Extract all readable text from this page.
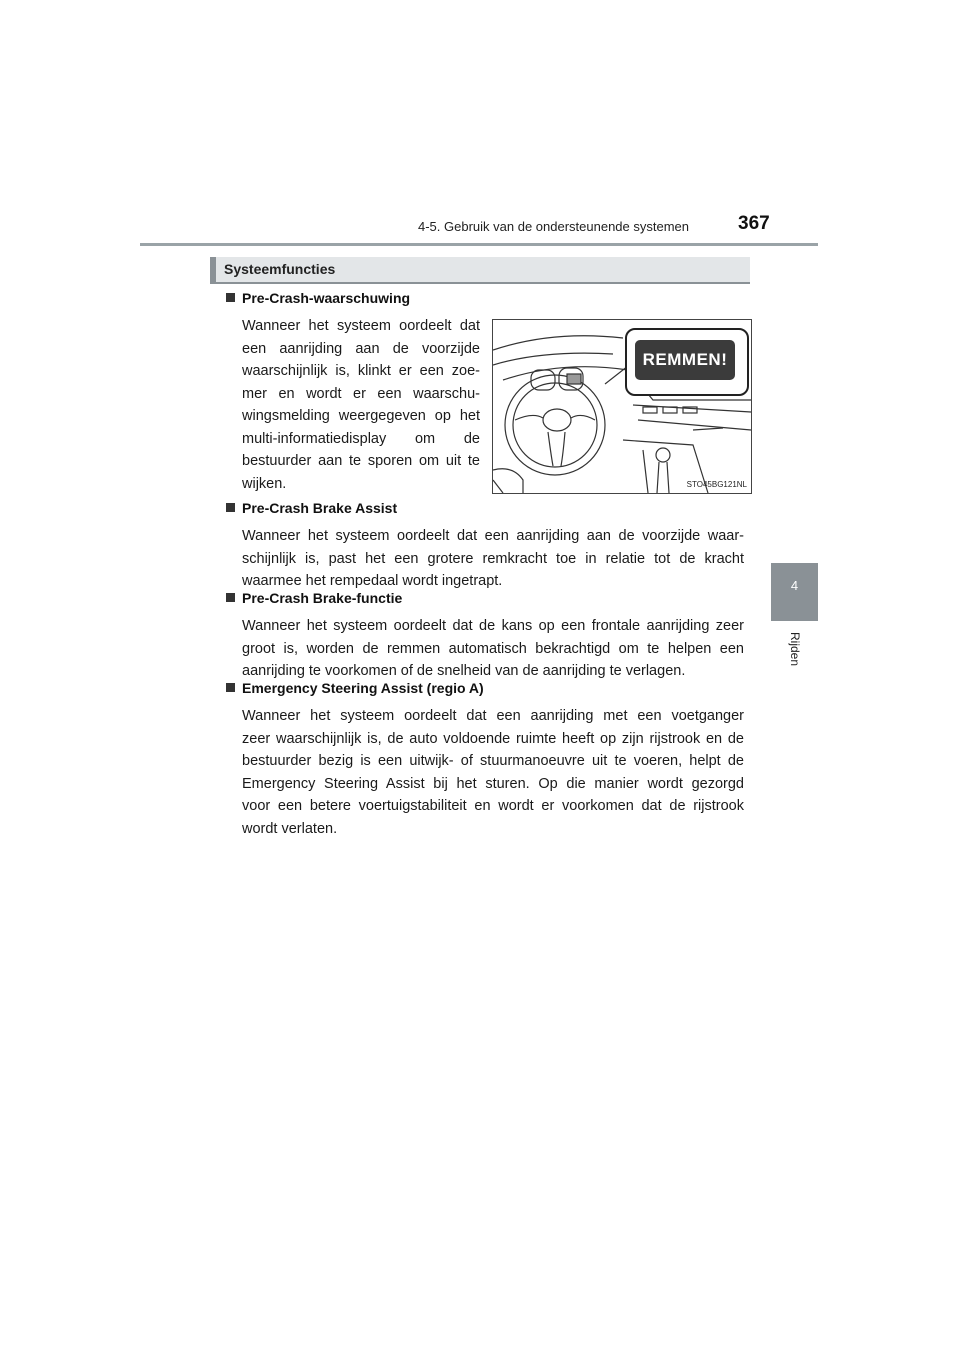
4-5. Gebruik van de ondersteunende systemen	367
4
Rijden
Systeemfuncties
Pre-Crash-waarschuwing
Wanneer het systeem oordeelt dat
een aanrijding aan de voorzijde
waarschijnlijk is, klinkt er een zoe-
mer en wordt er een waarschu-
wingsmelding weergegeven op het
multi-informatiedisplay om de
bestuurder aan te sporen om uit te
wijken.
REMMEN!
STO45BG121NL
Pre-Crash Brake Assist
Wanneer het systeem oordeelt dat een aanrijding aan de voorzijde waar-
schijnlijk is, past het een grotere remkracht toe in relatie tot de kracht
waarmee het rempedaal wordt ingetrapt.
Pre-Crash Brake-functie
Wanneer het systeem oordeelt dat de kans op een frontale aanrijding zeer
groot is, worden de remmen automatisch bekrachtigd om te helpen een
aanrijding te voorkomen of de snelheid van de aanrijding te verlagen.
Emergency Steering Assist (regio A)
Wanneer het systeem oordeelt dat een aanrijding met een voetganger
zeer waarschijnlijk is, de auto voldoende ruimte heeft op zijn rijstrook en de
bestuurder bezig is een uitwijk- of stuurmanoeuvre uit te voeren, helpt de
Emergency Steering Assist bij het sturen. Op die manier wordt gezorgd
voor een betere voertuigstabiliteit en wordt er voorkomen dat de rijstrook
wordt verlaten.
